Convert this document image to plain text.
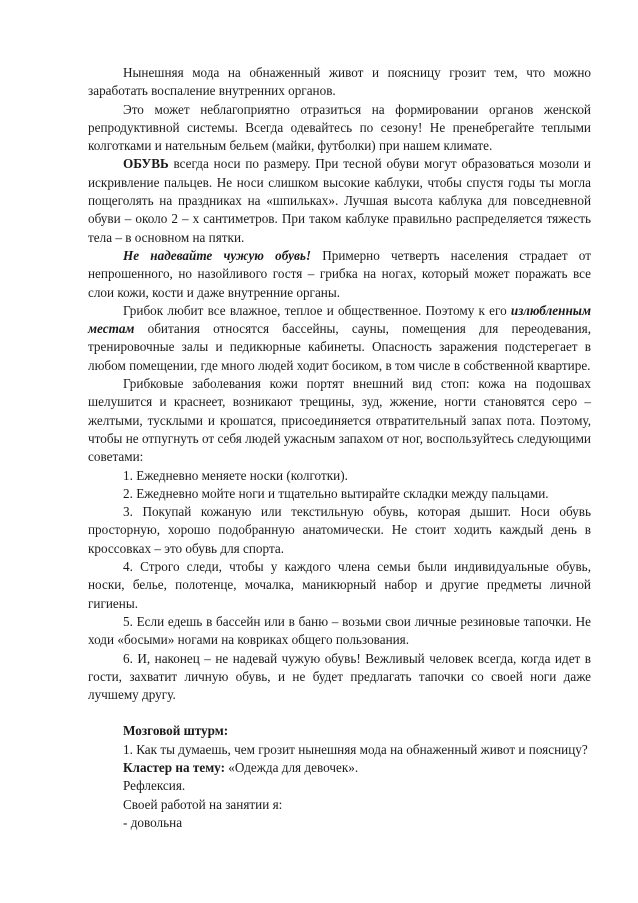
Нынешняя мода на обнаженный живот и поясницу грозит тем, что можно заработать воспаление внутренних органов.

Это может неблагоприятно отразиться на формировании органов женской репродуктивной системы. Всегда одевайтесь по сезону! Не пренебрегайте теплыми колготками и нательным бельем (майки, футболки) при нашем климате.

ОБУВЬ всегда носи по размеру. При тесной обуви могут образоваться мозоли и искривление пальцев. Не носи слишком высокие каблуки, чтобы спустя годы ты могла пощеголять на праздниках на «шпильках». Лучшая высота каблука для повседневной обуви – около 2 – х сантиметров. При таком каблуке правильно распределяется тяжесть тела – в основном на пятки.

Не надевайте чужую обувь! Примерно четверть населения страдает от непрошенного, но назойливого гостя – грибка на ногах, который может поражать все слои кожи, кости и даже внутренние органы.

Грибок любит все влажное, теплое и общественное. Поэтому к его излюбленным местам обитания относятся бассейны, сауны, помещения для переодевания, тренировочные залы и педикюрные кабинеты. Опасность заражения подстерегает в любом помещении, где много людей ходит босиком, в том числе в собственной квартире.

Грибковые заболевания кожи портят внешний вид стоп: кожа на подошвах шелушится и краснеет, возникают трещины, зуд, жжение, ногти становятся серо – желтыми, тусклыми и крошатся, присоединяется отвратительный запах пота. Поэтому, чтобы не отпугнуть от себя людей ужасным запахом от ног, воспользуйтесь следующими советами:

1. Ежедневно меняете носки (колготки).

2. Ежедневно мойте ноги и тщательно вытирайте складки между пальцами.

3. Покупай кожаную или текстильную обувь, которая дышит. Носи обувь просторную, хорошо подобранную анатомически. Не стоит ходить каждый день в кроссовках – это обувь для спорта.

4. Строго следи, чтобы у каждого члена семьи были индивидуальные обувь, носки, белье, полотенце, мочалка, маникюрный набор и другие предметы личной гигиены.

5. Если едешь в бассейн или в баню – возьми свои личные резиновые тапочки. Не ходи «босыми» ногами на ковриках общего пользования.

6. И, наконец – не надевай чужую обувь! Вежливый человек всегда, когда идет в гости, захватит личную обувь, и не будет предлагать тапочки со своей ноги даже лучшему другу.

Мозговой штурм:

1. Как ты думаешь, чем грозит нынешняя мода на обнаженный живот и поясницу?

Кластер на тему: «Одежда для девочек».

Рефлексия.

Своей работой на занятии я:

- довольна
